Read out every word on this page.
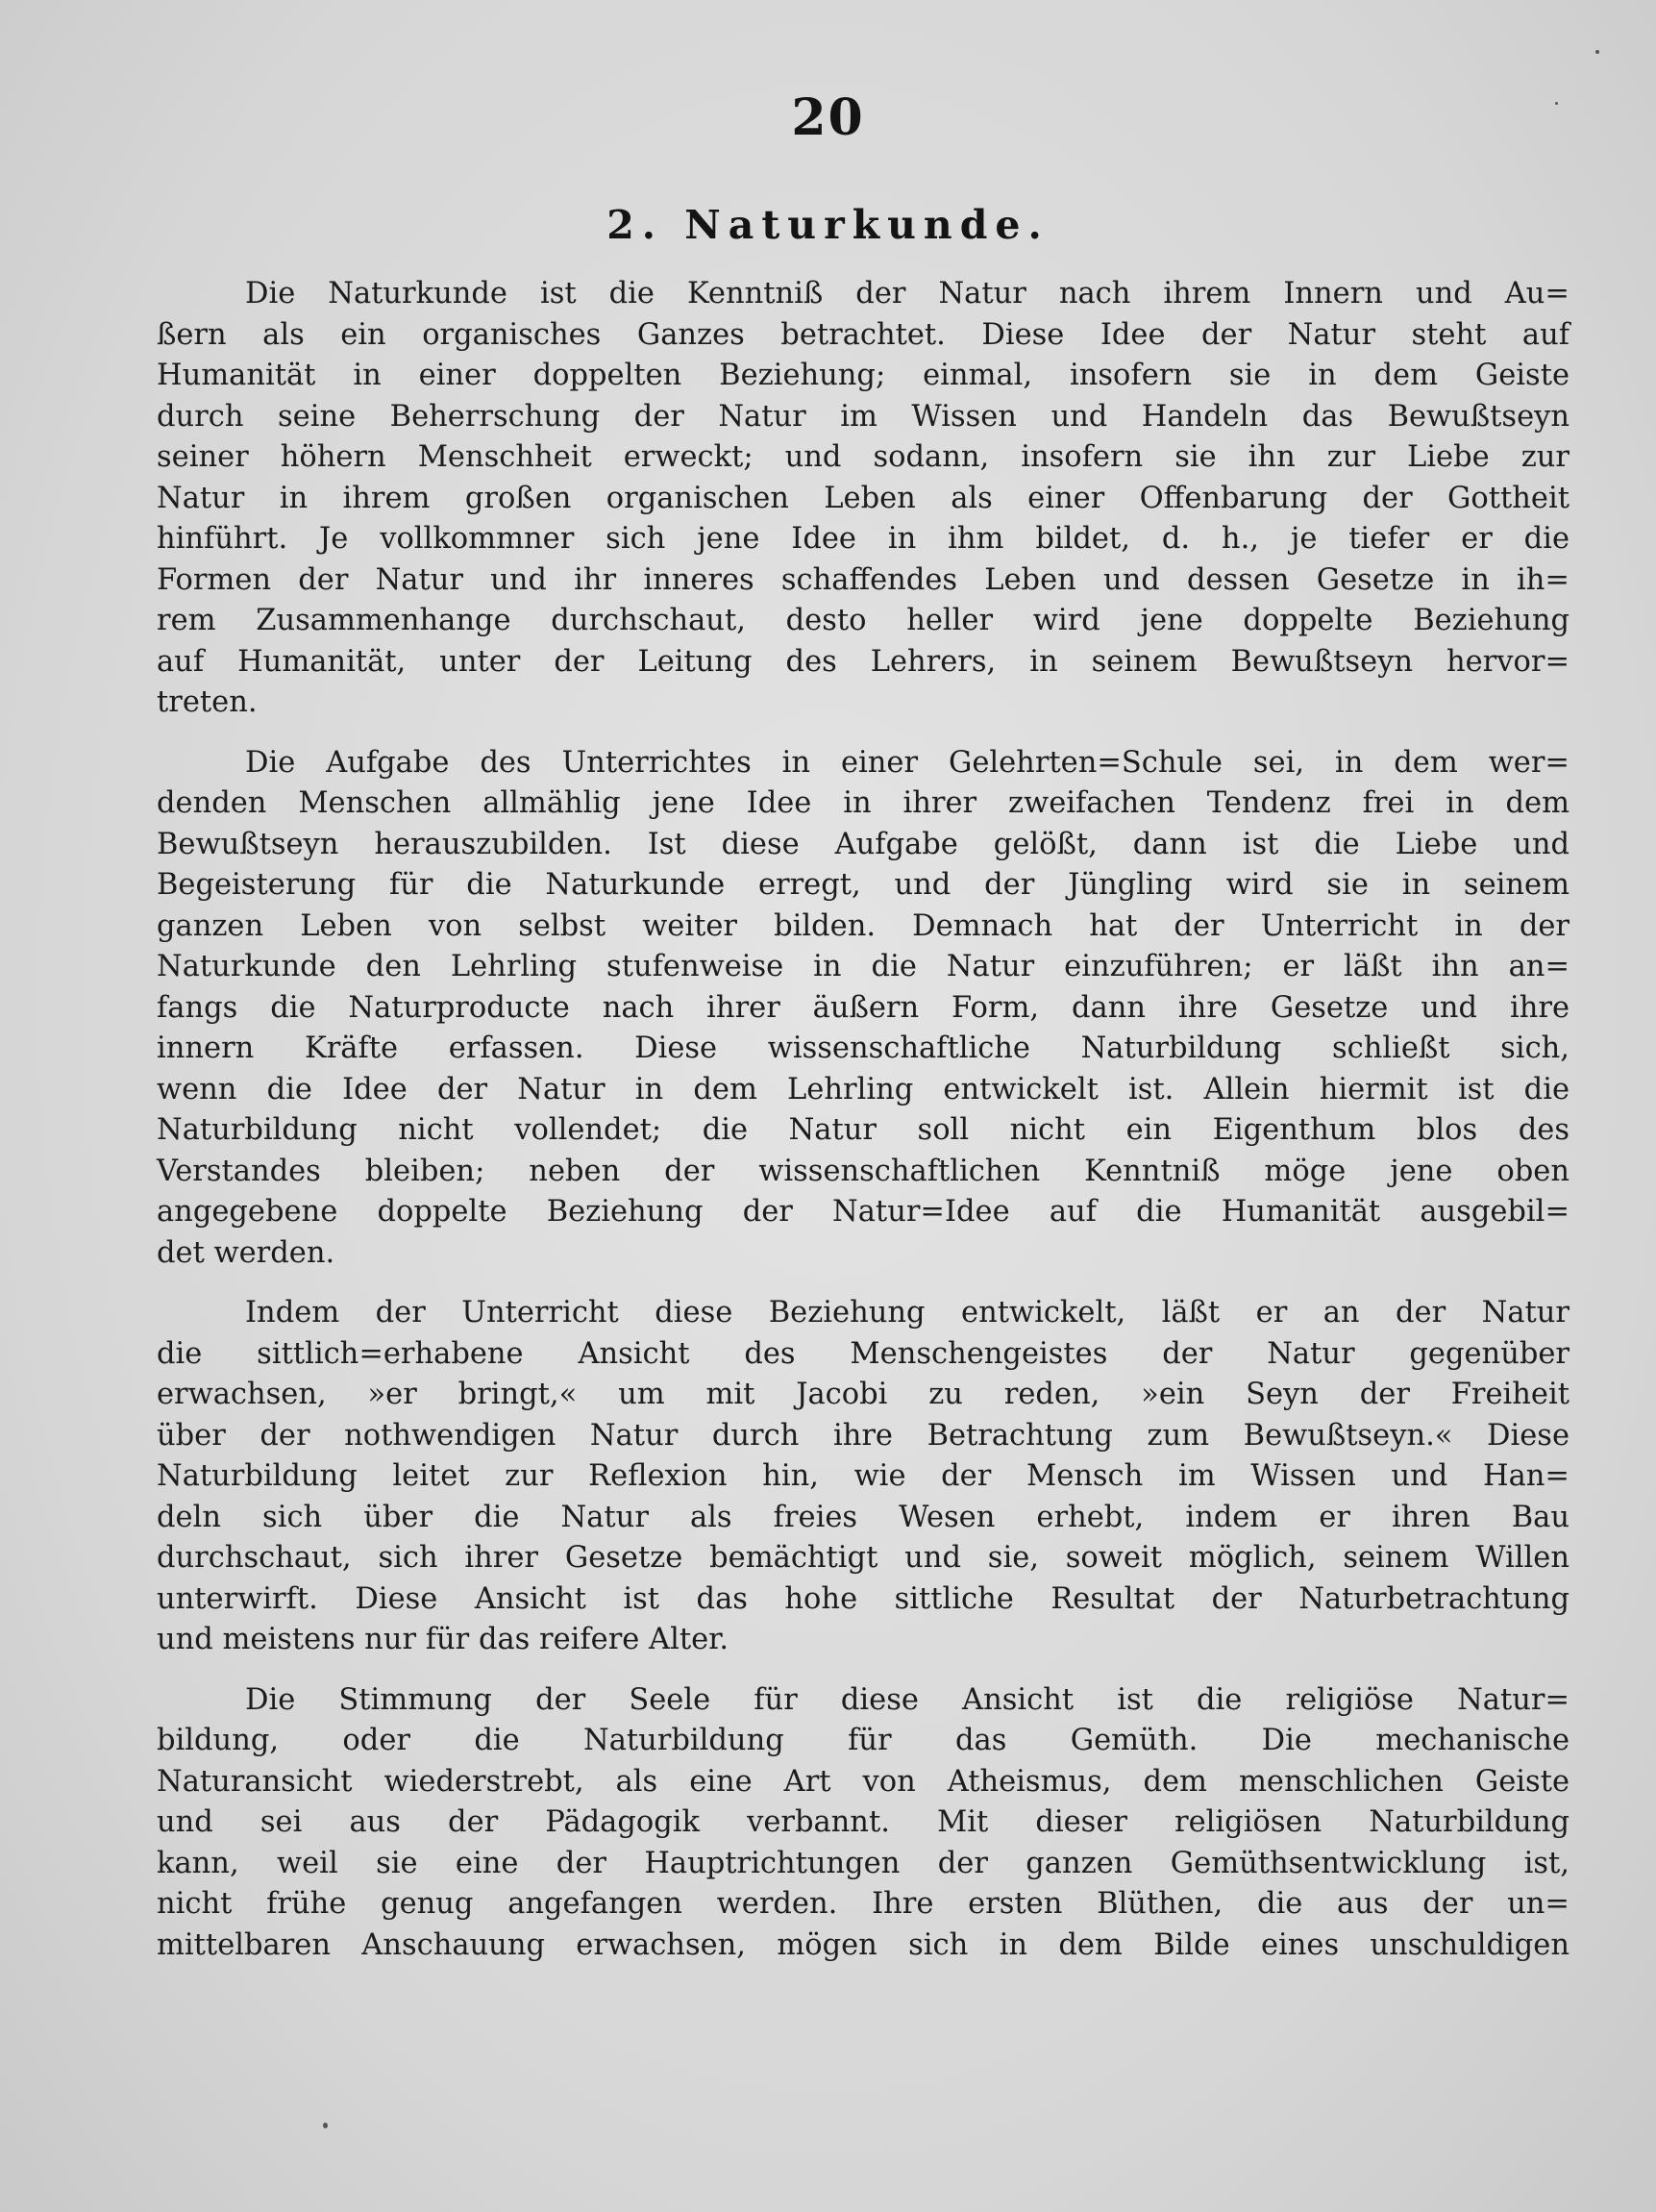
20
2. Naturkunde.
Die Naturkunde ist die Kenntniß der Natur nach ihrem Innern und Au=
ßern als ein organisches Ganzes betrachtet. Diese Idee der Natur steht auf
Humanität in einer doppelten Beziehung; einmal, insofern sie in dem Geiste
durch seine Beherrschung der Natur im Wissen und Handeln das Bewußtseyn
seiner höhern Menschheit erweckt; und sodann, insofern sie ihn zur Liebe zur
Natur in ihrem großen organischen Leben als einer Offenbarung der Gottheit
hinführt. Je vollkommner sich jene Idee in ihm bildet, d. h., je tiefer er die
Formen der Natur und ihr inneres schaffendes Leben und dessen Gesetze in ih=
rem Zusammenhange durchschaut, desto heller wird jene doppelte Beziehung
auf Humanität, unter der Leitung des Lehrers, in seinem Bewußtseyn hervor=
treten.
Die Aufgabe des Unterrichtes in einer Gelehrten=Schule sei, in dem wer=
denden Menschen allmählig jene Idee in ihrer zweifachen Tendenz frei in dem
Bewußtseyn herauszubilden. Ist diese Aufgabe gelößt, dann ist die Liebe und
Begeisterung für die Naturkunde erregt, und der Jüngling wird sie in seinem
ganzen Leben von selbst weiter bilden. Demnach hat der Unterricht in der
Naturkunde den Lehrling stufenweise in die Natur einzuführen; er läßt ihn an=
fangs die Naturproducte nach ihrer äußern Form, dann ihre Gesetze und ihre
innern Kräfte erfassen. Diese wissenschaftliche Naturbildung schließt sich,
wenn die Idee der Natur in dem Lehrling entwickelt ist. Allein hiermit ist die
Naturbildung nicht vollendet; die Natur soll nicht ein Eigenthum blos des
Verstandes bleiben; neben der wissenschaftlichen Kenntniß möge jene oben
angegebene doppelte Beziehung der Natur=Idee auf die Humanität ausgebil=
det werden.
Indem der Unterricht diese Beziehung entwickelt, läßt er an der Natur
die sittlich=erhabene Ansicht des Menschengeistes der Natur gegenüber
erwachsen, »er bringt,« um mit Jacobi zu reden, »ein Seyn der Freiheit
über der nothwendigen Natur durch ihre Betrachtung zum Bewußtseyn.« Diese
Naturbildung leitet zur Reflexion hin, wie der Mensch im Wissen und Han=
deln sich über die Natur als freies Wesen erhebt, indem er ihren Bau
durchschaut, sich ihrer Gesetze bemächtigt und sie, soweit möglich, seinem Willen
unterwirft. Diese Ansicht ist das hohe sittliche Resultat der Naturbetrachtung
und meistens nur für das reifere Alter.
Die Stimmung der Seele für diese Ansicht ist die religiöse Natur=
bildung, oder die Naturbildung für das Gemüth. Die mechanische
Naturansicht wiederstrebt, als eine Art von Atheismus, dem menschlichen Geiste
und sei aus der Pädagogik verbannt. Mit dieser religiösen Naturbildung
kann, weil sie eine der Hauptrichtungen der ganzen Gemüthsentwicklung ist,
nicht frühe genug angefangen werden. Ihre ersten Blüthen, die aus der un=
mittelbaren Anschauung erwachsen, mögen sich in dem Bilde eines unschuldigen
